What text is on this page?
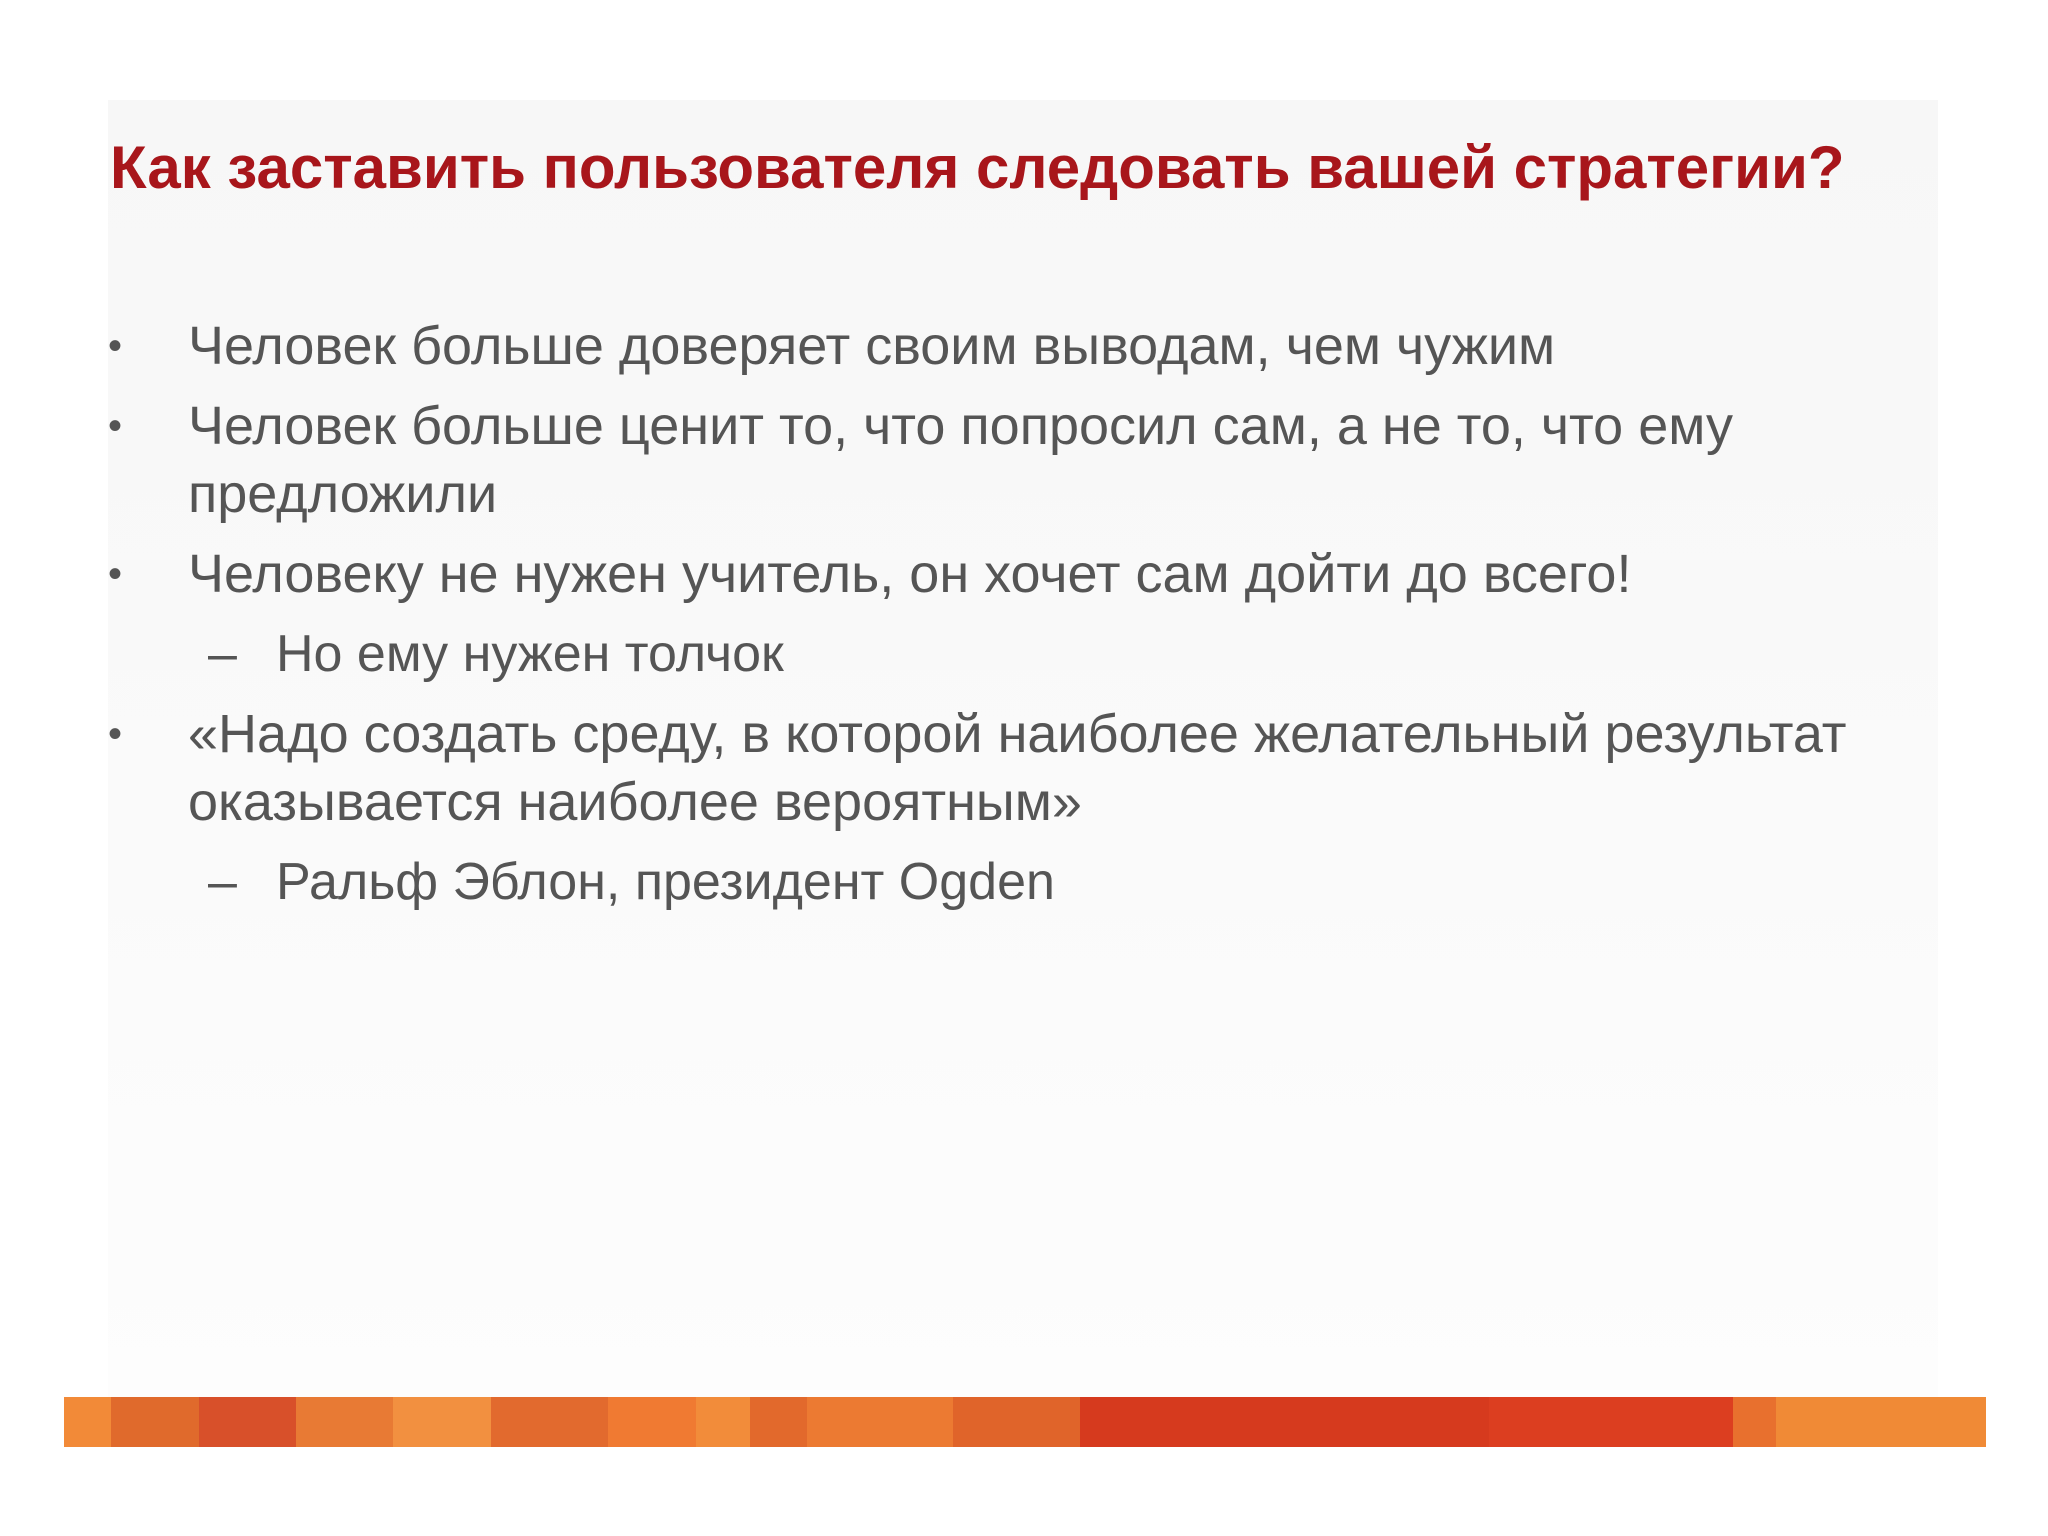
Как заставить пользователя следовать вашей стратегии?
• Человек больше доверяет своим выводам, чем чужим
• Человек больше ценит то, что попросил сам, а не то, что ему предложили
• Человеку не нужен учитель, он хочет сам дойти до всего!
– Но ему нужен толчок
• «Надо создать среду, в которой наиболее желательный результат оказывается наиболее вероятным»
– Ральф Эблон, президент Ogden
